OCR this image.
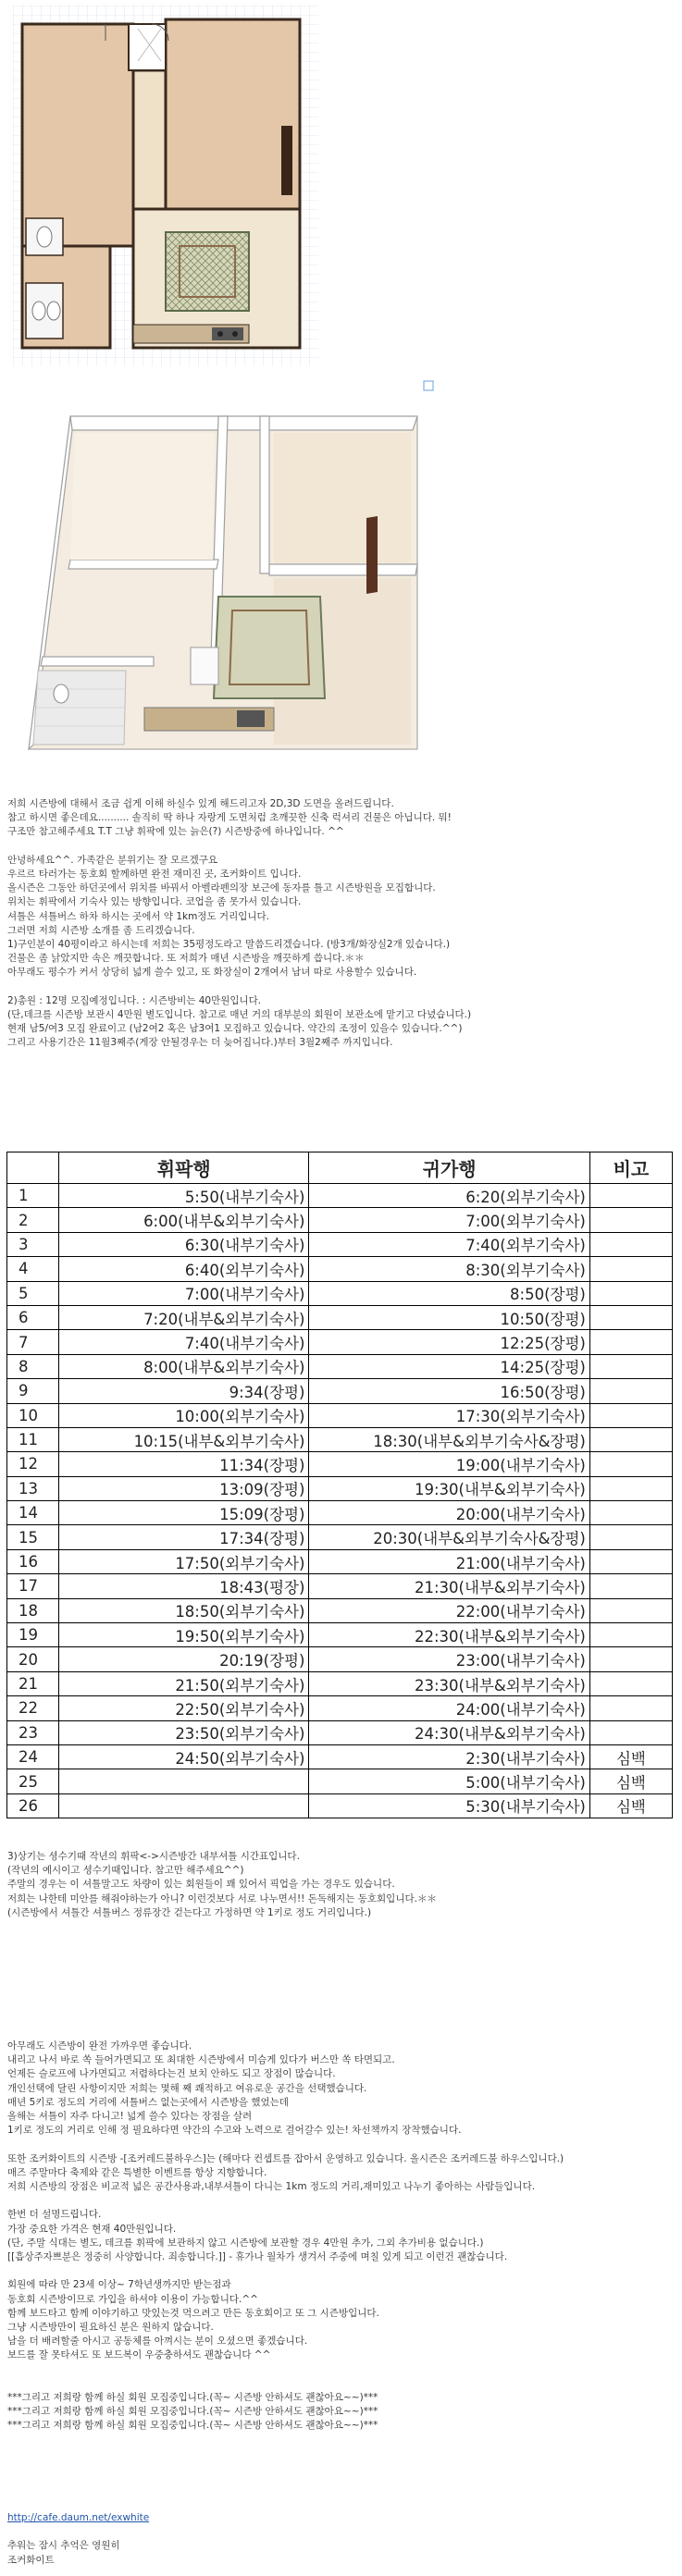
저희 시즌방에 대해서 조금 쉽게 이해 하실수 있게 해드리고자 2D,3D 도면을 올려드립니다.

참고 하시면 좋은데요.......... 솔직히 딱 하나 자랑게 도면처럼 초깨끗한 신축 럭셔리 건물은 아닙니다. 뭐!

구조만 참고해주세요 T.T 그냥 휘팍에 있는 늙은(?) 시즌방중에 하나입니다. ^^

안녕하세요^^. 가족같은 분위기는 잘 모르겠구요

우르르 타러가는 동호회 할께하면 완전 재미진 곳, 조커화이트 입니다.

올시즌은 그동안 하던곳에서 위치를 바꿔서 아벨라펜의장 보근에 동자를 틀고 시즌방원을 모집합니다.

위치는 휘팍에서 기숙사 있는 방향입니다. 코업을 좀 못가서 있습니다.

셔틀은 셔틀버스 하차 하시는 곳에서 약 1km정도 거리입니다.

그러면 저희 시즌방 소개를 좀 드리겠습니다.

1)구인분이 40평이라고 하시는데 저희는 35평정도라고 말씀드리겠습니다. (방3개/화장실2개 있습니다.)

건물은 좀 낡았지만 속은 깨끗합니다. 또 저희가 매년 시즌방을 깨끗하게 씁니다.＊＊

아무래도 평수가 커서 상당히 넓게 쓸수 있고, 또 화장실이 2개여서 남녀 따로 사용할수 있습니다.

2)총원 : 12명 모집예정입니다. : 시즌방비는 40만원입니다.

(단,데크를 시즌방 보관시 4만원 별도입니다. 참고로 매년 거의 대부분의 회원이 보관소에 맡기고 다녔습니다.)

현재 남5/여3 모집 완료이고 (남2여2 혹은 남3여1 모집하고 있습니다. 약간의 조정이 있을수 있습니다.^^)

그리고 사용기간은 11월3째주(게장 안될경우는 더 늦어집니다.)부터 3월2째주 까지입니다.

	휘팍행	귀가행	비고
1	5:50(내부기숙사)	6:20(외부기숙사)	
2	6:00(내부&외부기숙사)	7:00(외부기숙사)	
3	6:30(내부기숙사)	7:40(외부기숙사)	
4	6:40(외부기숙사)	8:30(외부기숙사)	
5	7:00(내부기숙사)	8:50(장평)	
6	7:20(내부&외부기숙사)	10:50(장평)	
7	7:40(내부기숙사)	12:25(장평)	
8	8:00(내부&외부기숙사)	14:25(장평)	
9	9:34(장평)	16:50(장평)	
10	10:00(외부기숙사)	17:30(외부기숙사)	
11	10:15(내부&외부기숙사)	18:30(내부&외부기숙사&장평)	
12	11:34(장평)	19:00(내부기숙사)	
13	13:09(장평)	19:30(내부&외부기숙사)	
14	15:09(장평)	20:00(내부기숙사)	
15	17:34(장평)	20:30(내부&외부기숙사&장평)	
16	17:50(외부기숙사)	21:00(내부기숙사)	
17	18:43(평장)	21:30(내부&외부기숙사)	
18	18:50(외부기숙사)	22:00(내부기숙사)	
19	19:50(외부기숙사)	22:30(내부&외부기숙사)	
20	20:19(장평)	23:00(내부기숙사)	
21	21:50(외부기숙사)	23:30(내부&외부기숙사)	
22	22:50(외부기숙사)	24:00(내부기숙사)	
23	23:50(외부기숙사)	24:30(내부&외부기숙사)	
24	24:50(외부기숙사)	2:30(내부기숙사)	심백
25		5:00(내부기숙사)	심백
26		5:30(내부기숙사)	심백

3)상기는 셩수기때 작년의 휘팍<->시즌방간 내부셔틀 시간표입니다.

(작년의 예시이고 셩수기때입니다. 참고만 해주세요^^)

주말의 경우는 이 셔틀말고도 차량이 있는 회원들이 꽤 있어서 픽업을 가는 경우도 있습니다.

저희는 나한테 미안를 해줘야하는가 아니? 이런것보다 서로 나누면서!! 돈독해지는 동호회입니다.＊＊

(시즌방에서 셔틀간 셔틀버스 정류장간 걷는다고 가정하면 약 1키로 정도 거리입니다.)

아무래도 시즌방이 완전 가까우면 좋습니다.

내리고 나서 바로 쏙 들어가면되고 또 최대한 시즌방에서 미슴게 있다가 버스만 쏙 타면되고.

언제든 슬로프에 나가면되고 저렴하다는건 보치 안하도 되고 장점이 많습니다.

개인선택에 달린 사항이지만 저희는 몇해 째 쾌적하고 여유로운 공간을 선택했습니다.

매년 5키로 정도의 거리에 셔틀버스 없는곳에서 시즌방을 했었는데

올해는 셔틀이 자주 다니고! 넓게 쓸수 있다는 장점을 살려

1키로 정도의 거리로 인해 정 필요하다면 약간의 수고와 노력으로 걸어갈수 있는! 차선책까지 장착했습니다.

또한 조커화이트의 시즌방 -[조커레드불하우스]는 (해마다 컨셉트를 잡아서 운영하고 있습니다. 올시즌은 조커레드불 하우스입니다.)

매즈 주말마다 축제와 같은 특별한 이벤트를 항상 지향합니다.

저희 시즌방의 장점은 비교적 넓은 공간사용과,내부셔틀이 다니는 1km 정도의 거리,재미있고 나누기 좋아하는 사람들입니다.

한번 더 설명드립니다.

가장 중요한 가격은 현재 40만원입니다.

(단, 주말 식대는 별도, 데크를 휘팍에 보관하지 않고 시즌방에 보관할 경우 4만원 추가, 그외 추가비용 없습니다.)

[[흡상주자쁘분은 정중히 사양합니다. 죄송합니다.]] - 휴가나 월차가 생겨서 주중에 며칠 있게 되고 이런건 괜찮습니다.

회원에 따라 만 23세 이상~ 7학년생까지만 받는점과

동호회 시즌방이므로 가입을 하셔야 이용이 가능합니다.^^

함께 보드타고 함께 이야기하고 맛있는것 먹으려고 만든 동호회이고 또 그 시즌방입니다.

그냥 시즌방만이 필요하신 분은 원하지 않습니다.

남을 더 배려할줄 아시고 공동체를 아껴시는 분이 오셨으면 좋겠습니다.

보드를 잘 못타셔도 또 보드복이 우중충하셔도 괜찮습니다 ^^

***그리고 저희랑 함께 하실 회원 모집중입니다.(꼭~ 시즌방 안하셔도 괜찮아요~~)***

***그리고 저희랑 함께 하실 회원 모집중입니다.(꼭~ 시즌방 안하셔도 괜찮아요~~)***

***그리고 저희랑 함께 하실 회원 모집중입니다.(꼭~ 시즌방 안하셔도 괜찮아요~~)***

http://cafe.daum.net/exwhite

추워는 잠시 추억은 영원히

조커화이트
